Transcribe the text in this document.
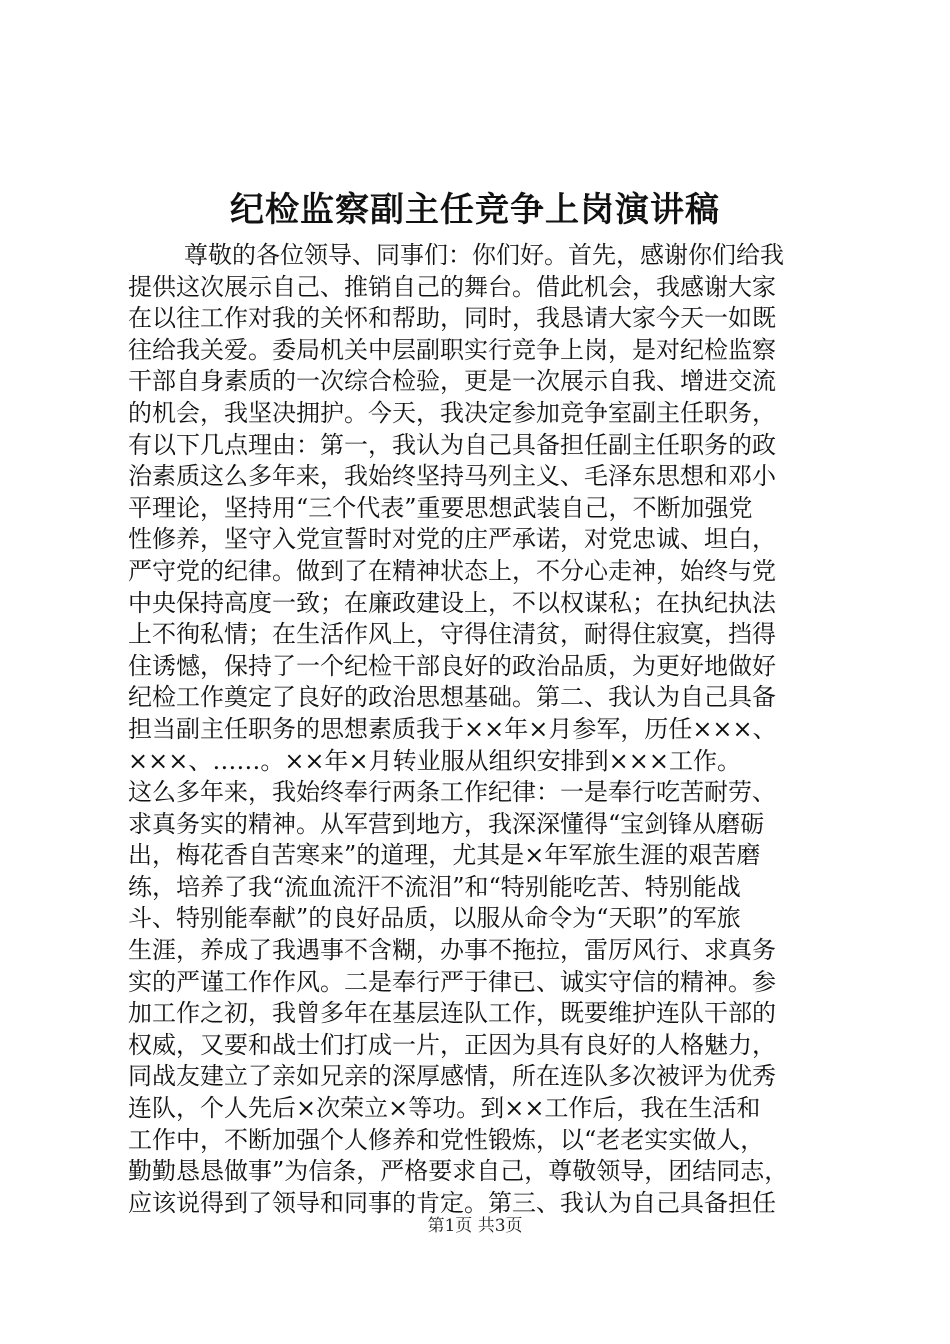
纪检监察副主任竞争上岗演讲稿
尊敬的各位领导、同事们：你们好。首先，感谢你们给我
提供这次展示自己、推销自己的舞台。借此机会，我感谢大家
在以往工作对我的关怀和帮助，同时，我恳请大家今天一如既
往给我关爱。委局机关中层副职实行竞争上岗，是对纪检监察
干部自身素质的一次综合检验，更是一次展示自我、增进交流
的机会，我坚决拥护。今天，我决定参加竞争室副主任职务，
有以下几点理由：第一，我认为自己具备担任副主任职务的政
治素质这么多年来，我始终坚持马列主义、毛泽东思想和邓小
平理论，坚持用“三个代表”重要思想武装自己，不断加强党
性修养，坚守入党宣誓时对党的庄严承诺，对党忠诚、坦白，
严守党的纪律。做到了在精神状态上，不分心走神，始终与党
中央保持高度一致；在廉政建设上，不以权谋私；在执纪执法
上不徇私情；在生活作风上，守得住清贫，耐得住寂寞，挡得
住诱憾，保持了一个纪检干部良好的政治品质，为更好地做好
纪检工作奠定了良好的政治思想基础。第二、我认为自己具备
担当副主任职务的思想素质我于××年×月参军，历任×××、
×××、……。××年×月转业服从组织安排到×××工作。
这么多年来，我始终奉行两条工作纪律：一是奉行吃苦耐劳、
求真务实的精神。从军营到地方，我深深懂得“宝剑锋从磨砺
出，梅花香自苦寒来”的道理，尤其是×年军旅生涯的艰苦磨
练，培养了我“流血流汗不流泪”和“特别能吃苦、特别能战
斗、特别能奉献”的良好品质，以服从命令为“天职”的军旅
生涯，养成了我遇事不含糊，办事不拖拉，雷厉风行、求真务
实的严谨工作作风。二是奉行严于律已、诚实守信的精神。参
加工作之初，我曾多年在基层连队工作，既要维护连队干部的
权威，又要和战士们打成一片，正因为具有良好的人格魅力，
同战友建立了亲如兄亲的深厚感情，所在连队多次被评为优秀
连队，个人先后×次荣立×等功。到××工作后，我在生活和
工作中，不断加强个人修养和党性锻炼，以“老老实实做人，
勤勤恳恳做事”为信条，严格要求自己，尊敬领导，团结同志，
应该说得到了领导和同事的肯定。第三、我认为自己具备担任
第1页 共3页
